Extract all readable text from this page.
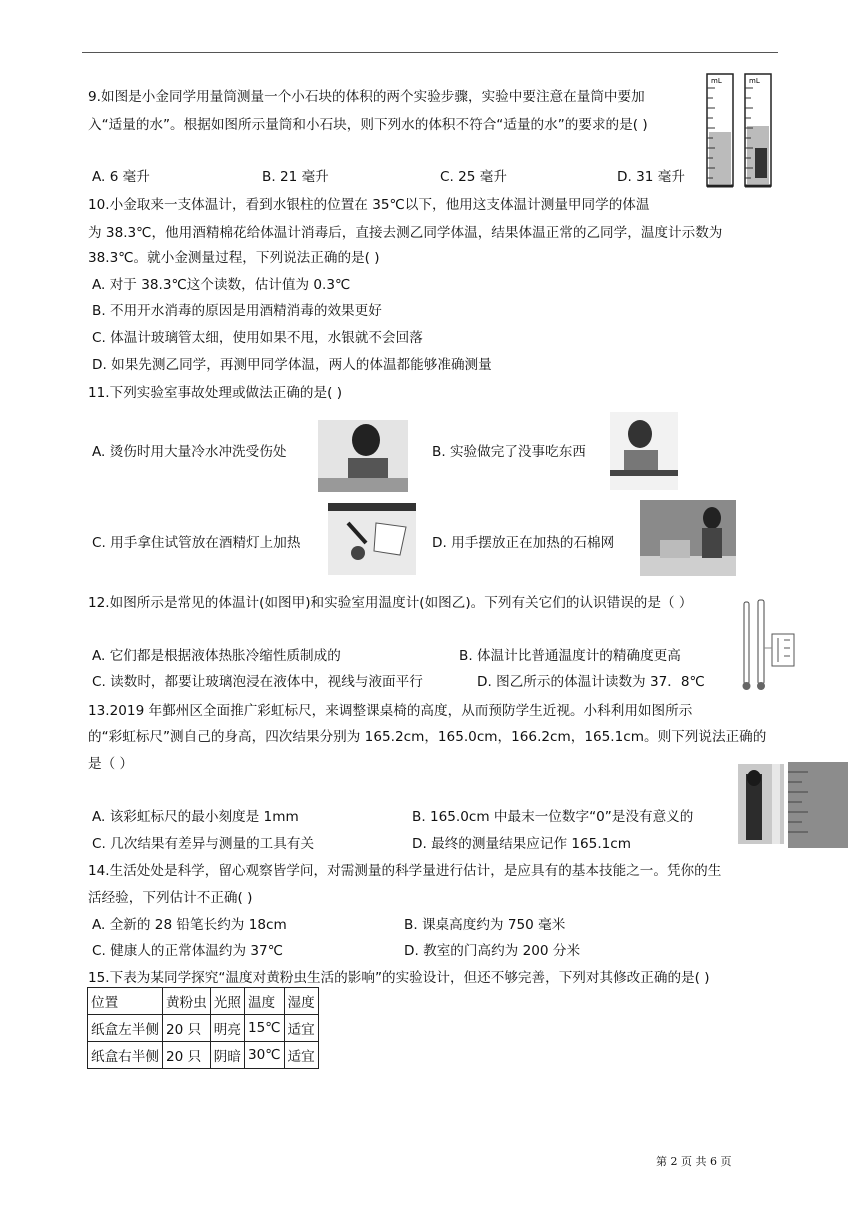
9.如图是小金同学用量筒测量一个小石块的体积的两个实验步骤，实验中要注意在量筒中要加
入“适量的水”。根据如图所示量筒和小石块，则下列水的体积不符合“适量的水”的要求的是( )
A. 6 毫升	B. 21 毫升	C. 25 毫升	D. 31 毫升
mL	mL
10.小金取来一支体温计，看到水银柱的位置在 35℃以下，他用这支体温计测量甲同学的体温
为 38.3℃，他用酒精棉花给体温计消毒后，直接去测乙同学体温，结果体温正常的乙同学，温度计示数为
38.3℃。就小金测量过程，下列说法正确的是( )
A. 对于 38.3℃这个读数，估计值为 0.3℃
B. 不用开水消毒的原因是用酒精消毒的效果更好
C. 体温计玻璃管太细，使用如果不甩，水银就不会回落
D. 如果先测乙同学，再测甲同学体温，两人的体温都能够准确测量
11.下列实验室事故处理或做法正确的是( )
A. 烫伤时用大量冷水冲洗受伤处	B. 实验做完了没事吃东西
C. 用手拿住试管放在酒精灯上加热	D. 用手摆放正在加热的石棉网
12.如图所示是常见的体温计(如图甲)和实验室用温度计(如图乙)。下列有关它们的认识错误的是（ ）
A. 它们都是根据液体热胀冷缩性质制成的	B. 体温计比普通温度计的精确度更高
C. 读数时，都要让玻璃泡浸在液体中，视线与液面平行	D. 图乙所示的体温计读数为 37．8℃
13.2019 年鄞州区全面推广彩虹标尺，来调整课桌椅的高度，从而预防学生近视。小科利用如图所示
的“彩虹标尺”测自己的身高，四次结果分别为 165.2cm，165.0cm，166.2cm，165.1cm。则下列说法正确的
是（ ）
A. 该彩虹标尺的最小刻度是 1mm	B. 165.0cm 中最末一位数字“0”是没有意义的
C. 几次结果有差异与测量的工具有关	D. 最终的测量结果应记作 165.1cm
14.生活处处是科学，留心观察皆学问，对需测量的科学量进行估计，是应具有的基本技能之一。凭你的生
活经验，下列估计不正确( )
A. 全新的 28 铅笔长约为 18cm	B. 课桌高度约为 750 毫米
C. 健康人的正常体温约为 37℃	D. 教室的门高约为 200 分米
15.下表为某同学探究“温度对黄粉虫生活的影响”的实验设计，但还不够完善，下列对其修改正确的是( )
位置	黄粉虫	光照	温度	湿度
纸盒左半侧	20 只	明亮	15℃	适宜
纸盒右半侧	20 只	阴暗	30℃	适宜
第 2 页 共 6 页
